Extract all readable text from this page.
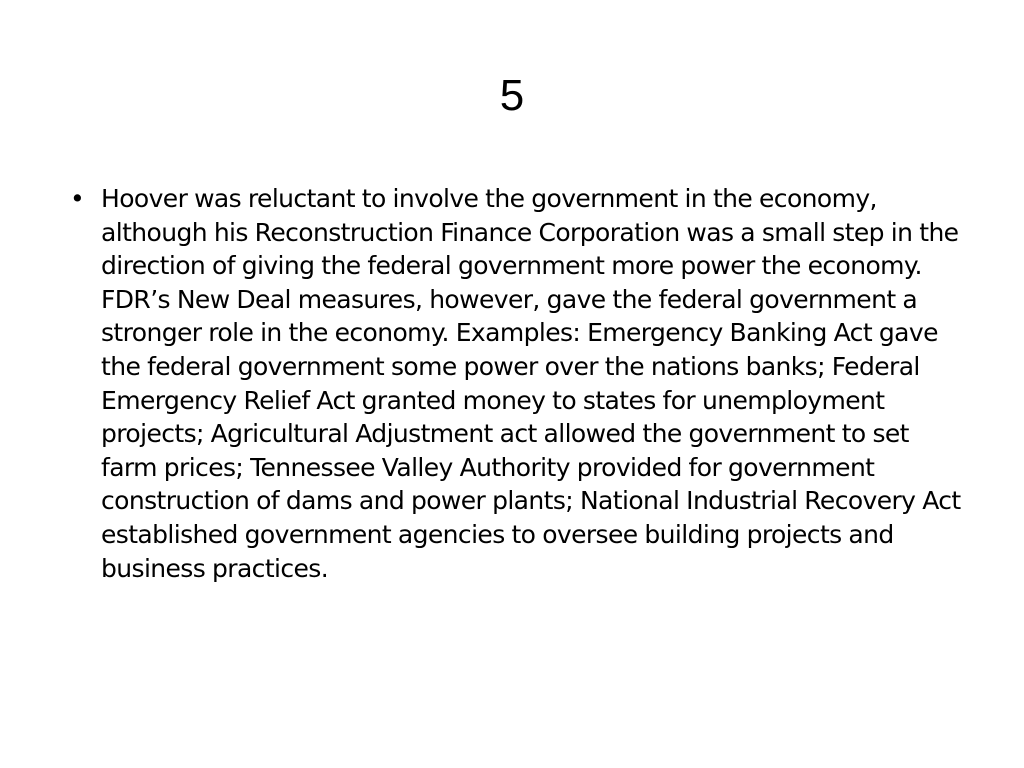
5
• Hoover was reluctant to involve the government in the economy, although his Reconstruction Finance Corporation was a small step in the direction of giving the federal government more power the economy. FDR’s New Deal measures, however, gave the federal government a stronger role in the economy. Examples: Emergency Banking Act gave the federal government some power over the nations banks; Federal Emergency Relief Act granted money to states for unemployment projects; Agricultural Adjustment act allowed the government to set farm prices; Tennessee Valley Authority provided for government construction of dams and power plants; National Industrial Recovery Act established government agencies to oversee building projects and business practices.
